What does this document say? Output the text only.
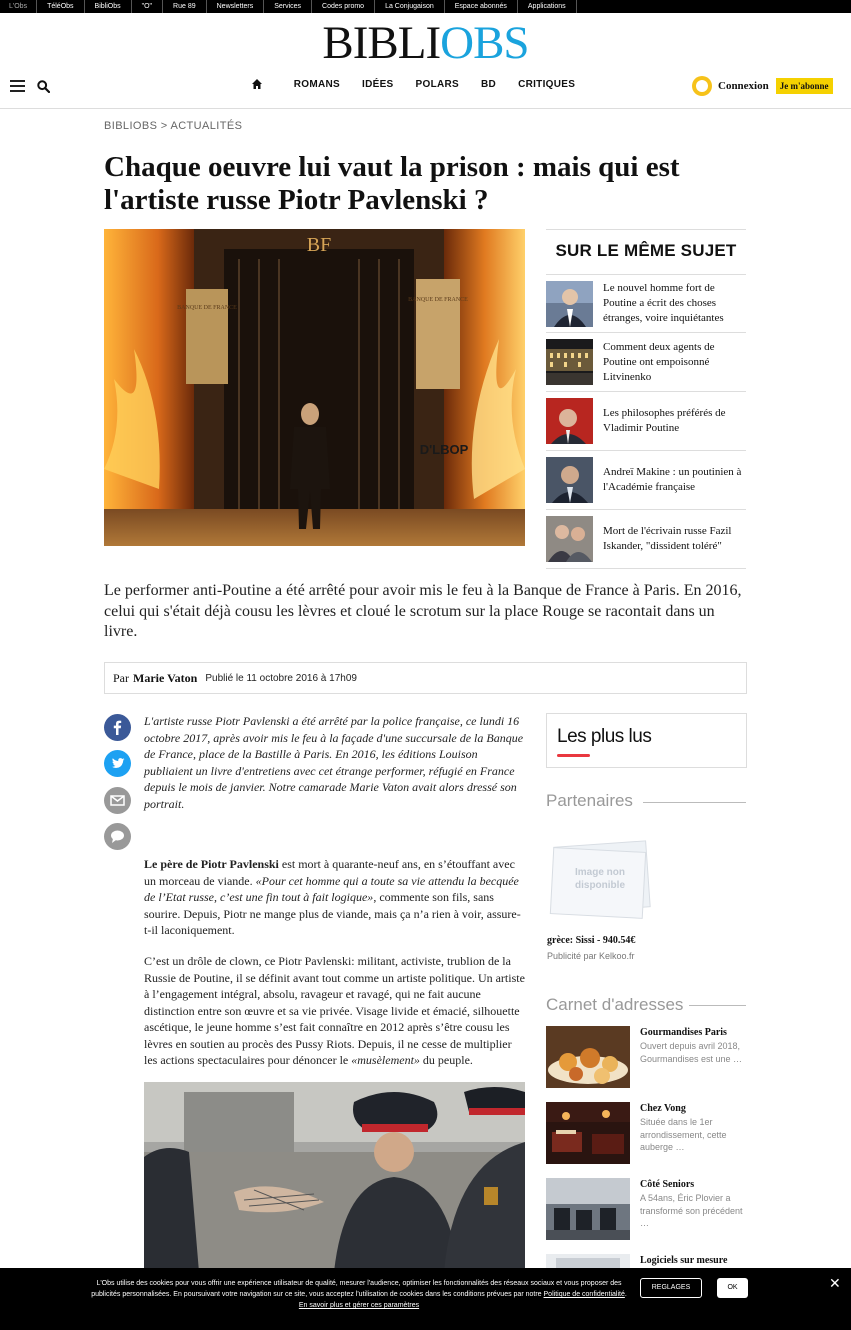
L'Obs	TéléObs	BibliObs	"O"	Rue 89	Newsletters	Services	Codes promo	La Conjugaison	Espace abonnés	Applications
BIBLIOBS
ROMANS IDÉES POLARS BD CRITIQUES	Connexion	Je m'abonne
BIBLIOBS > ACTUALITÉS
Chaque oeuvre lui vaut la prison : mais qui est l'artiste russe Piotr Pavlenski ?
BANQUE DE FRANCE
BANQUE DE FRANCE
BF
D'LBOP
SUR LE MÊME SUJET
Le nouvel homme fort de Poutine a écrit des choses étranges, voire inquiétantes
Comment deux agents de Poutine ont empoisonné Litvinenko
Les philosophes préférés de Vladimir Poutine
Andreï Makine : un poutinien à l'Académie française
Mort de l'écrivain russe Fazil Iskander, "dissident toléré"

Le performer anti-Poutine a été arrêté pour avoir mis le feu à la Banque de France à Paris. En 2016, celui qui s'était déjà cousu les lèvres et cloué le scrotum sur la place Rouge se racontait dans un livre.

Par Marie Vaton Publié le 11 octobre 2016 à 17h09

L'artiste russe Piotr Pavlenski a été arrêté par la police française, ce lundi 16 octobre 2017, après avoir mis le feu à la façade d'une succursale de la Banque de France, place de la Bastille à Paris. En 2016, les éditions Louison publiaient un livre d'entretiens avec cet étrange performer, réfugié en France depuis le mois de janvier. Notre camarade Marie Vaton avait alors dressé son portrait.

Le père de Piotr Pavlenski est mort à quarante-neuf ans, en s’étouffant avec un morceau de viande. «Pour cet homme qui a toute sa vie attendu la becquée de l’Etat russe, c’est une fin tout à fait logique», commente son fils, sans sourire. Depuis, Piotr ne mange plus de viande, mais ça n’a rien à voir, assure-t-il laconiquement.

C’est un drôle de clown, ce Piotr Pavlenski: militant, activiste, trublion de la Russie de Poutine, il se définit avant tout comme un artiste politique. Un artiste à l’engagement intégral, absolu, ravageur et ravagé, qui ne fait aucune distinction entre son œuvre et sa vie privée. Visage livide et émacié, silhouette ascétique, le jeune homme s’est fait connaître en 2012 après s’être cousu les lèvres en soutien au procès des Pussy Riots. Depuis, il ne cesse de multiplier les actions spectaculaires pour dénoncer le «musèlement» du peuple.

Les plus lus
Partenaires
Image non
disponible
grèce: Sissi - 940.54€
Publicité par Kelkoo.fr
Carnet d'adresses
Gourmandises Paris
Ouvert depuis avril 2018, Gourmandises est une …
Chez Vong
Située dans le 1er arrondissement, cette auberge …
Côté Seniors
A 54ans, Éric Plovier a transformé son précédent …
Logiciels sur mesure
L'Obs utilise des cookies pour vous offrir une expérience utilisateur de qualité, mesurer l'audience, optimiser les fonctionnalités des réseaux sociaux et vous proposer des publicités personnalisées. En poursuivant votre navigation sur ce site, vous acceptez l'utilisation de cookies dans les conditions prévues par notre Politique de confidentialité.
En savoir plus et gérer ces paramètres
REGLAGES	OK	✕
